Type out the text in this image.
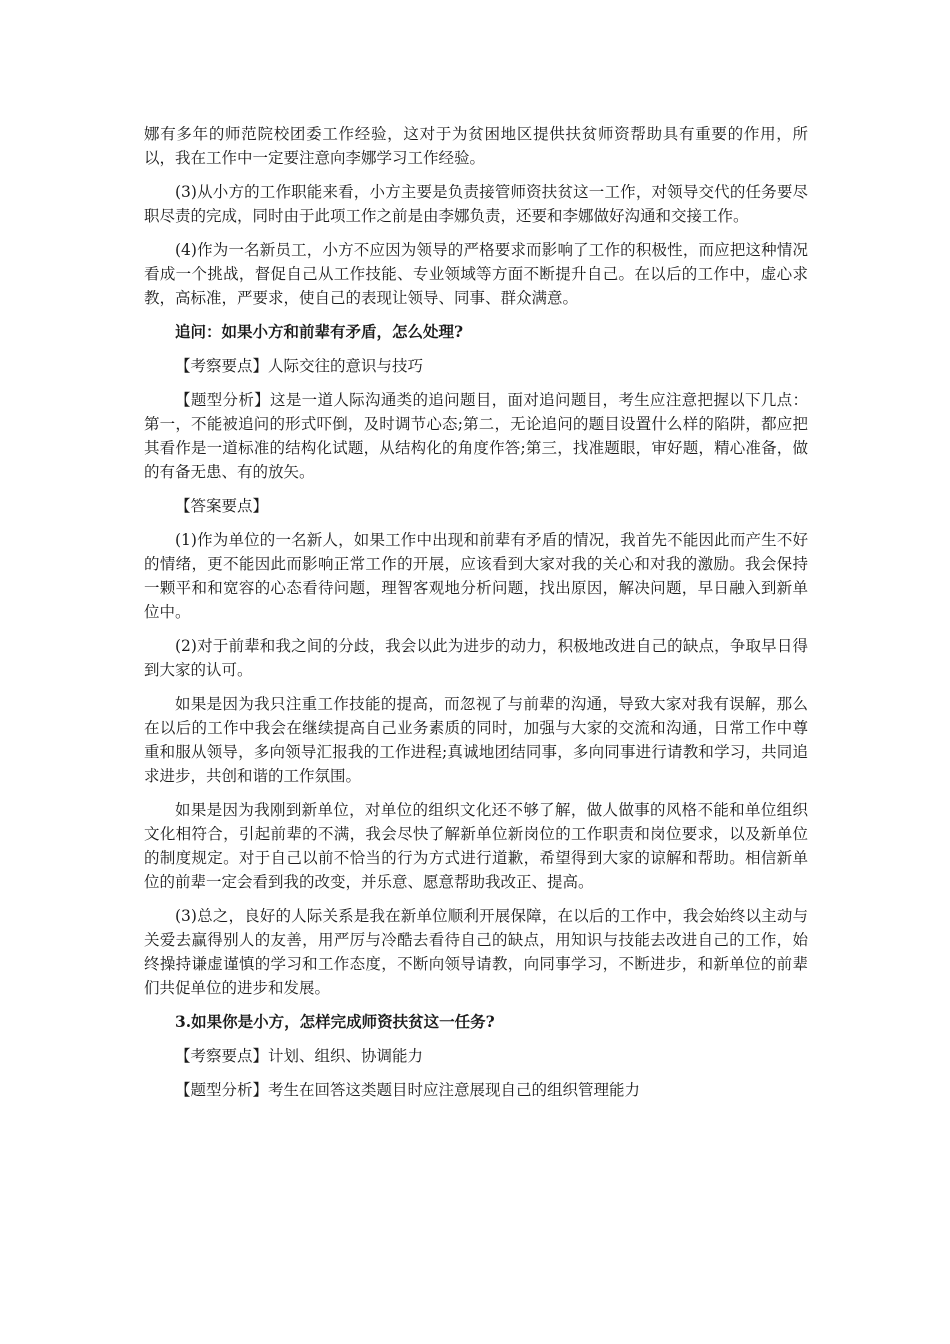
娜有多年的师范院校团委工作经验，这对于为贫困地区提供扶贫师资帮助具有重要的作用，所以，我在工作中一定要注意向李娜学习工作经验。

(3)从小方的工作职能来看，小方主要是负责接管师资扶贫这一工作，对领导交代的任务要尽职尽责的完成，同时由于此项工作之前是由李娜负责，还要和李娜做好沟通和交接工作。

(4)作为一名新员工，小方不应因为领导的严格要求而影响了工作的积极性，而应把这种情况看成一个挑战，督促自己从工作技能、专业领域等方面不断提升自己。在以后的工作中，虚心求教，高标准，严要求，使自己的表现让领导、同事、群众满意。

追问：如果小方和前辈有矛盾，怎么处理?

【考察要点】人际交往的意识与技巧

【题型分析】这是一道人际沟通类的追问题目，面对追问题目，考生应注意把握以下几点：第一，不能被追问的形式吓倒，及时调节心态;第二，无论追问的题目设置什么样的陷阱，都应把其看作是一道标准的结构化试题，从结构化的角度作答;第三，找准题眼，审好题，精心准备，做的有备无患、有的放矢。

【答案要点】

(1)作为单位的一名新人，如果工作中出现和前辈有矛盾的情况，我首先不能因此而产生不好的情绪，更不能因此而影响正常工作的开展，应该看到大家对我的关心和对我的激励。我会保持一颗平和和宽容的心态看待问题，理智客观地分析问题，找出原因，解决问题，早日融入到新单位中。

(2)对于前辈和我之间的分歧，我会以此为进步的动力，积极地改进自己的缺点，争取早日得到大家的认可。

如果是因为我只注重工作技能的提高，而忽视了与前辈的沟通，导致大家对我有误解，那么在以后的工作中我会在继续提高自己业务素质的同时，加强与大家的交流和沟通，日常工作中尊重和服从领导，多向领导汇报我的工作进程;真诚地团结同事，多向同事进行请教和学习，共同追求进步，共创和谐的工作氛围。

如果是因为我刚到新单位，对单位的组织文化还不够了解，做人做事的风格不能和单位组织文化相符合，引起前辈的不满，我会尽快了解新单位新岗位的工作职责和岗位要求，以及新单位的制度规定。对于自己以前不恰当的行为方式进行道歉，希望得到大家的谅解和帮助。相信新单位的前辈一定会看到我的改变，并乐意、愿意帮助我改正、提高。

(3)总之，良好的人际关系是我在新单位顺利开展保障，在以后的工作中，我会始终以主动与关爱去赢得别人的友善，用严厉与冷酷去看待自己的缺点，用知识与技能去改进自己的工作，始终操持谦虚谨慎的学习和工作态度，不断向领导请教，向同事学习，不断进步，和新单位的前辈们共促单位的进步和发展。

3.如果你是小方，怎样完成师资扶贫这一任务?

【考察要点】计划、组织、协调能力

【题型分析】考生在回答这类题目时应注意展现自己的组织管理能力
